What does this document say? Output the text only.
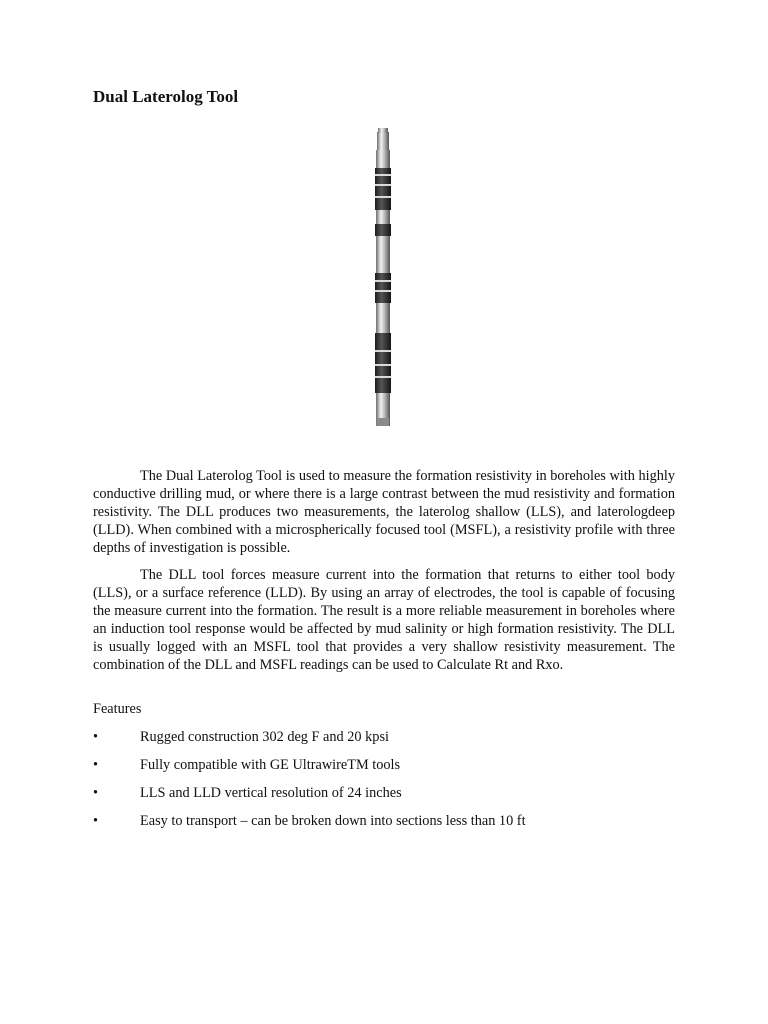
Dual Laterolog Tool

The Dual Laterolog Tool is used to measure the formation resistivity in boreholes with highly conductive drilling mud, or where there is a large contrast between the mud resistivity and formation resistivity. The DLL produces two measurements, the laterolog shallow (LLS), and laterologdeep (LLD). When combined with a microspherically focused tool (MSFL), a resistivity profile with three depths of investigation is possible.

The DLL tool forces measure current into the formation that returns to either tool body (LLS), or a surface reference (LLD). By using an array of electrodes, the tool is capable of focusing the measure current into the formation. The result is a more reliable measurement in boreholes where an induction tool response would be affected by mud salinity or high formation resistivity. The DLL is usually logged with an MSFL tool that provides a very shallow resistivity measurement. The combination of the DLL and MSFL readings can be used to Calculate Rt and Rxo.

Features

•	Rugged construction 302 deg F and 20 kpsi
•	Fully compatible with GE UltrawireTM tools
•	LLS and LLD vertical resolution of 24 inches
•	Easy to transport – can be broken down into sections less than 10 ft
